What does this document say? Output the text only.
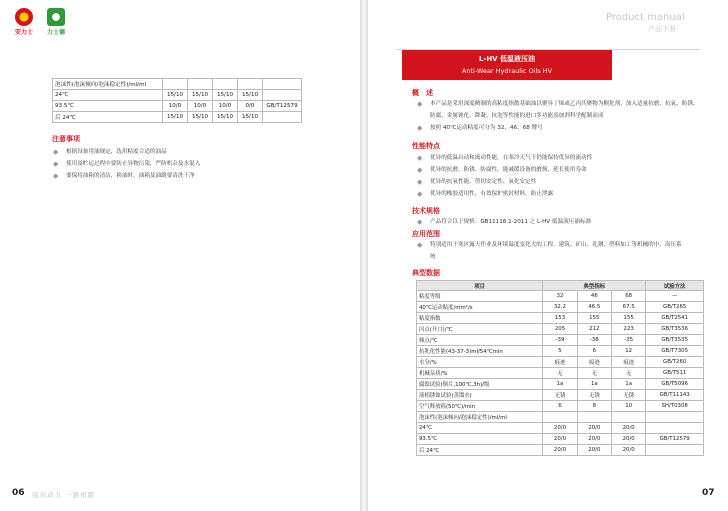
安力士 力士德
泡沫性(泡沫倾向/泡沫稳定性)/ml/ml					
24℃	15/10	15/10	15/10	15/10	
93.5℃	10/0	10/0	10/0	0/0	GB/T12579
后 24℃	15/10	15/10	15/10	15/10	
注意事项
◆ 根据设备用油规定，选用粘度合适的油品
◆ 使用及贮运过程中要防止异物污染，严防机杂及水混入
◆ 要保持油箱的清洁，换油时，油箱及油路要清洗干净
Product manual
产品手册
L-HV 低温液压油
Anti-Wear Hydraulic Oils HV
概　述
◆ 本产品是采用深度精制的高粘度指数基础油以聚异丁烯或乙丙共聚物为稠化剂，加入适量抗磨、抗氧、防锈、防腐、金属钝化、降凝、抗泡等性能的进口多功能添加剂科学配制而成
◆ 按照 40℃运动粘度可分为 32、46、68 牌号
性能特点
◆ 优异的低温启动和流动性能，在寒冷天气下仍能保持优异的流动性
◆ 优异的抗磨、防锈、防腐性，能减缓设备的磨损，延长使用寿命
◆ 优异的抗氧性能、剪切安定性、氧化安定性
◆ 优异的橡胶适用性，有效保护密封材料，防止泄露
技术规格
◆ 产品符合以下规格：GB11118.1-2011 之 L-HV 低温液压油标准
应用范围
◆ 特别适用于寒区露天作业及环境温度变化大的工程、建筑、矿山、礼钢、塑料加工等机械的中、高压系统
典型数据
项目	典型指标			试验方法
粘度等级	32	46	68	—
40℃运动粘度/mm²/s	32.2	46.5	67.5	GB/T265
粘度指数	153	155	155	GB/T2541
闪点(开口)/℃	205	212	223	GB/T3536
倾点/℃	-39	-38	-35	GB/T3535
抗乳化性能(43-37-3)ml/54℃min	5	6	12	GB/T7305
水分/%	痕迹	痕迹	痕迹	GB/T260
机械杂质/%	无	无	无	GB/T511
腐蚀试验(铜片,100℃,3h)/级	1a	1a	1a	GB/T5096
液相锈蚀试验(蒸馏水)	无锈	无锈	无锈	GB/T11143
空气释放值(50℃)/min	6	8	10	SH/T0308
泡沫性(泡沫倾向/泡沫稳定性)/ml/ml				
24℃	20/0	20/0	20/0	
93.5℃	20/0	20/0	20/0	GB/T12579
后 24℃	20/0	20/0	20/0	
06 强劲动力 一路相随	07
